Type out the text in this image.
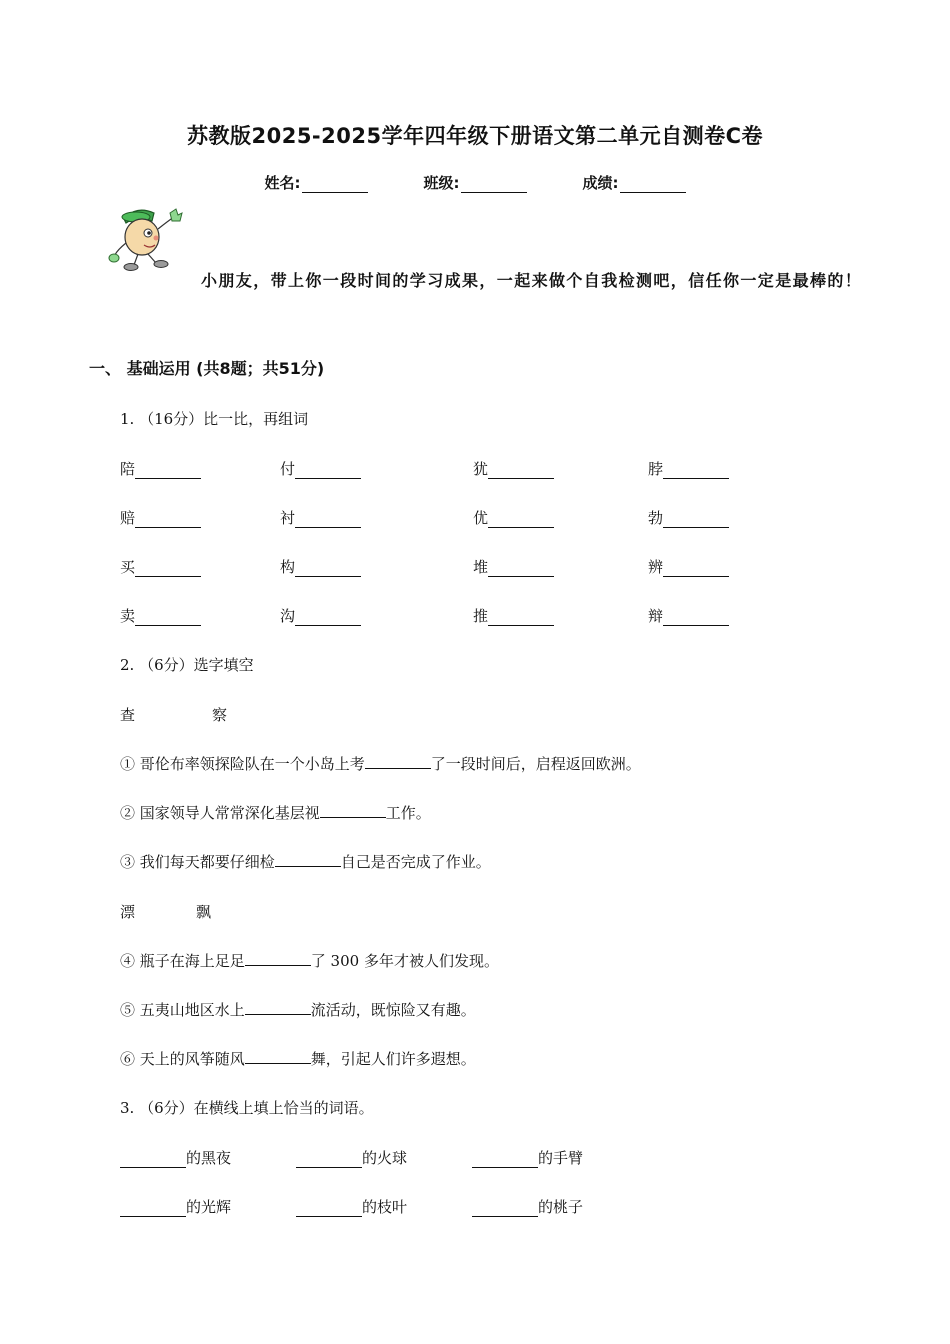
苏教版2025-2025学年四年级下册语文第二单元自测卷C卷
姓名:	班级:	成绩:
小朋友，带上你一段时间的学习成果，一起来做个自我检测吧，信任你一定是最棒的！
一、 基础运用 (共8题；共51分)
1. （16分）比一比，再组词
陪	付	犹	脖
赔	衬	优	勃
买	构	堆	辨
卖	沟	推	辩
2. （6分）选字填空
查	察
① 哥伦布率领探险队在一个小岛上考	了一段时间后，启程返回欧洲。
② 国家领导人常常深化基层视	工作。
③ 我们每天都要仔细检	自己是否完成了作业。
漂	飘
④ 瓶子在海上足足	了 300 多年才被人们发现。
⑤ 五夷山地区水上	流活动，既惊险又有趣。
⑥ 天上的风筝随风	舞，引起人们许多遐想。
3. （6分）在横线上填上恰当的词语。
的黑夜	的火球	的手臂
的光辉	的枝叶	的桃子
